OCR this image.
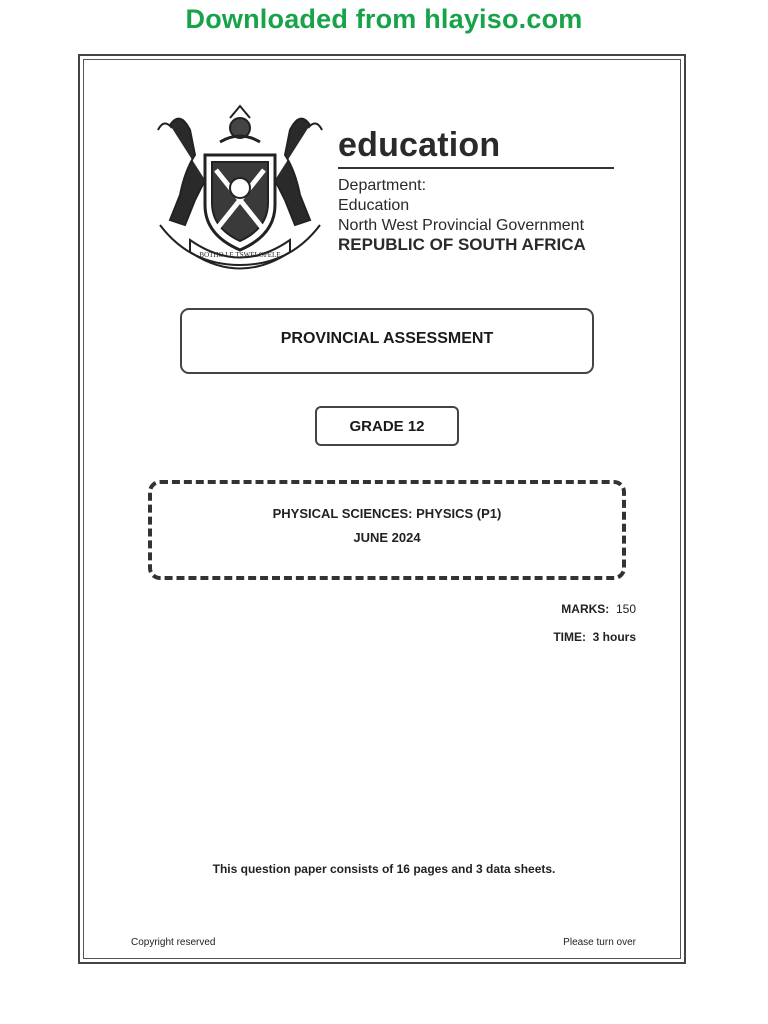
Downloaded from hlayiso.com
BOTHO LE TSWELOPELE
education
Department:
Education
North West Provincial Government
REPUBLIC OF SOUTH AFRICA
PROVINCIAL ASSESSMENT
GRADE 12
PHYSICAL SCIENCES: PHYSICS (P1)
JUNE 2024
MARKS: 150
TIME: 3 hours
This question paper consists of 16 pages and 3 data sheets.
Copyright reserved	Please turn over
